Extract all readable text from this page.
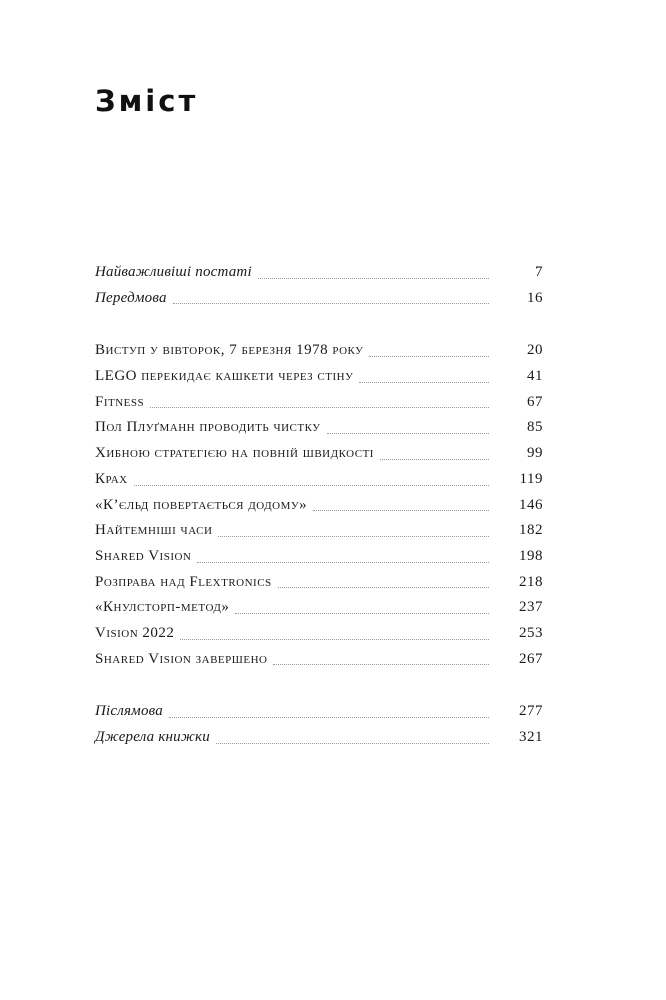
Зміст
Найважливіші постаті	7
Передмова	16
Виступ у вівторок, 7 березня 1978 року	20
LEGO перекидає кашкети через стіну	41
Fitness	67
Пол Плуґманн проводить чистку	85
Хибною стратегією на повній швидкості	99
Крах	119
«К’єльд повертається додому»	146
Найтемніші часи	182
Shared Vision	198
Розправа над Flextronics	218
«Кнулсторп-метод»	237
Vision 2022	253
Shared Vision завершено	267
Післямова	277
Джерела книжки	321
